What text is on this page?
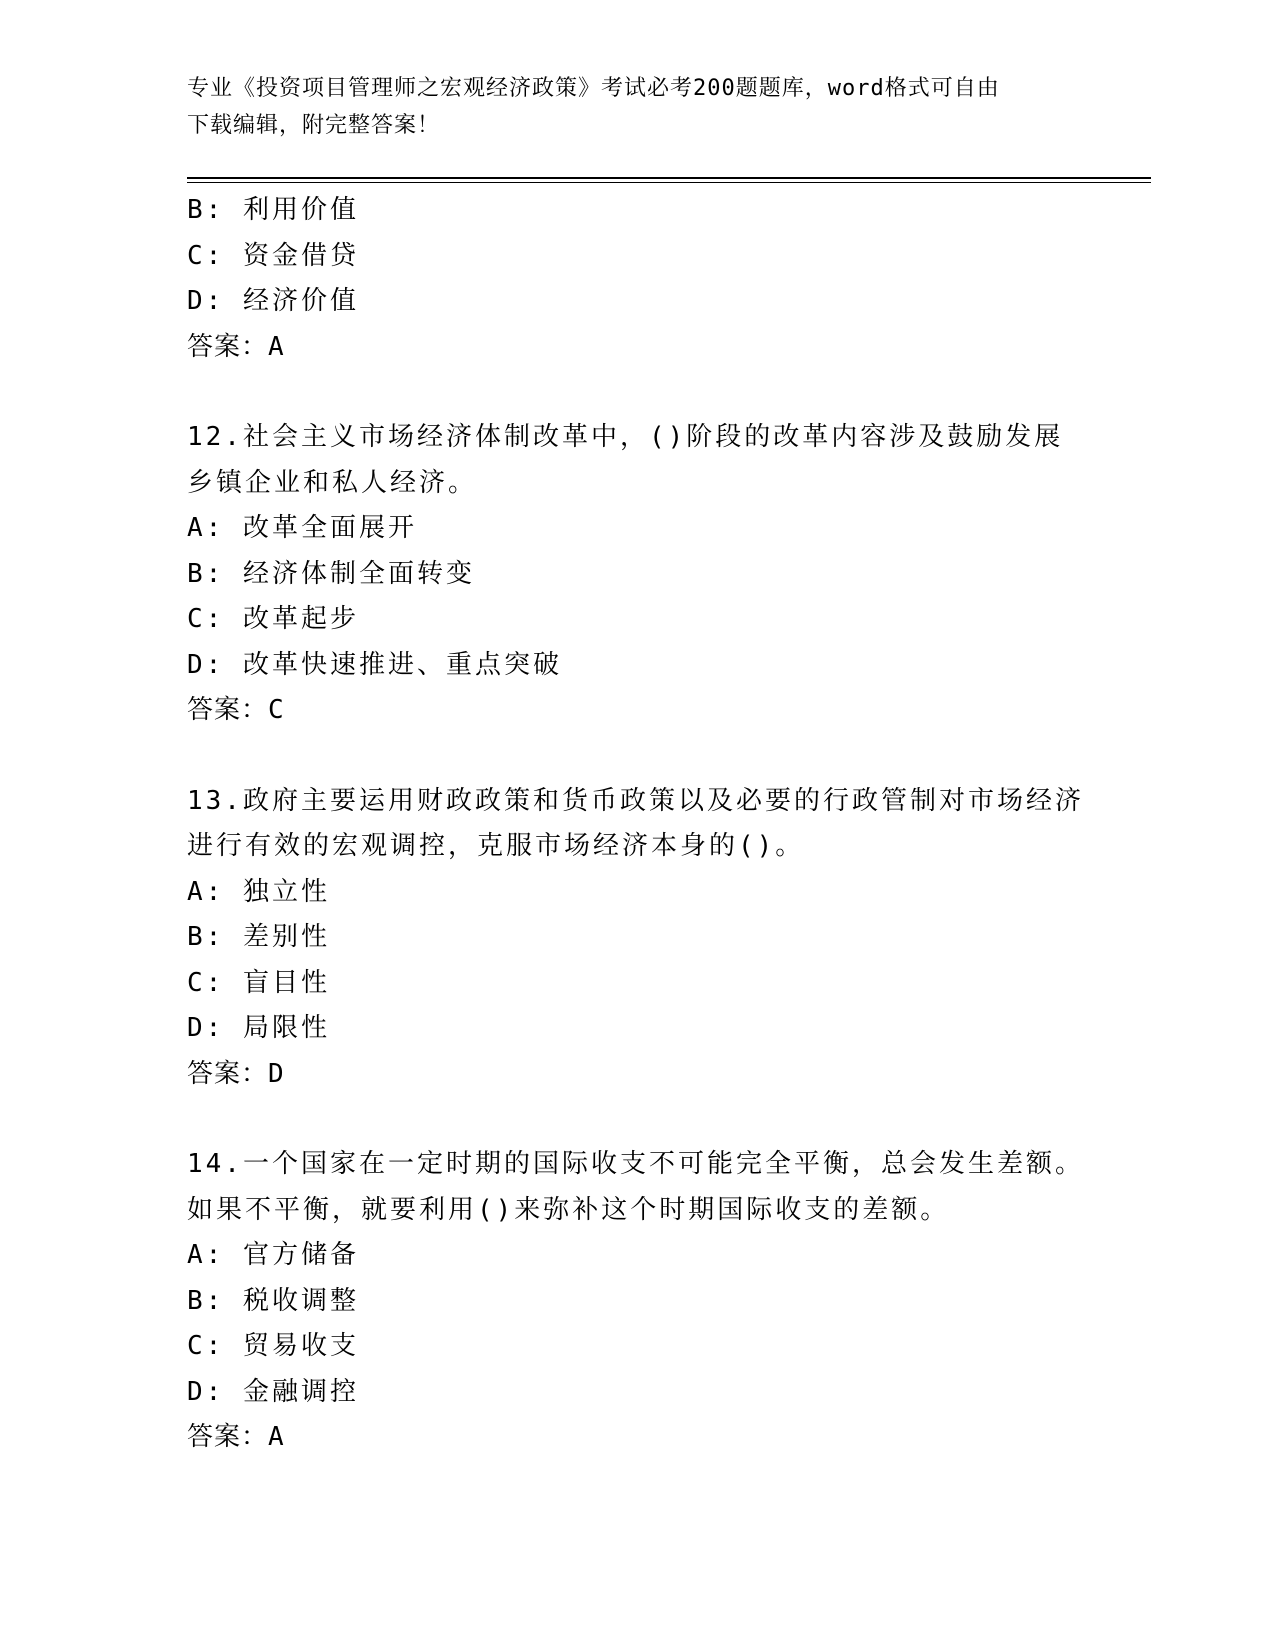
专业《投资项目管理师之宏观经济政策》考试必考200题题库，word格式可自由
下载编辑，附完整答案！
B: 利用价值
C: 资金借贷
D: 经济价值
答案：A
12.社会主义市场经济体制改革中，()阶段的改革内容涉及鼓励发展乡镇企业和私人经济。
A: 改革全面展开
B: 经济体制全面转变
C: 改革起步
D: 改革快速推进、重点突破
答案：C
13.政府主要运用财政政策和货币政策以及必要的行政管制对市场经济进行有效的宏观调控，克服市场经济本身的()。
A: 独立性
B: 差别性
C: 盲目性
D: 局限性
答案：D
14.一个国家在一定时期的国际收支不可能完全平衡，总会发生差额。如果不平衡，就要利用()来弥补这个时期国际收支的差额。
A: 官方储备
B: 税收调整
C: 贸易收支
D: 金融调控
答案：A
